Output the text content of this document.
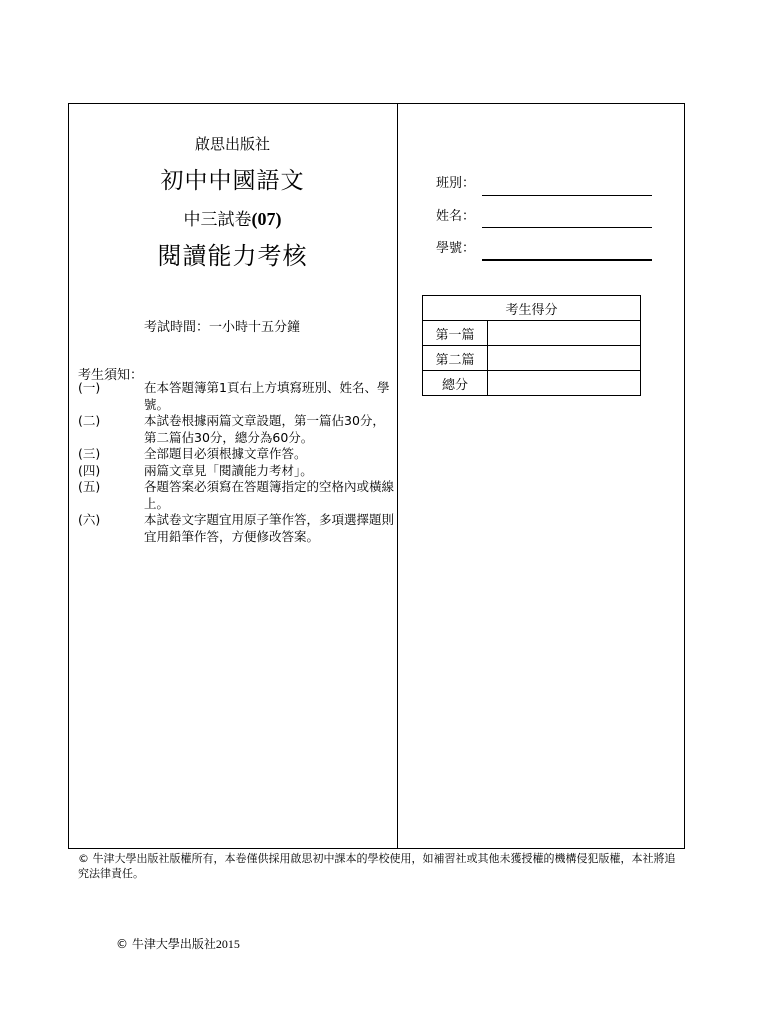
啟思出版社
初中中國語文
中三試卷(07)
閱讀能力考核
考試時間：一小時十五分鐘
考生須知：
(一)	在本答題簿第1頁右上方填寫班別、姓名、學號。
(二)	本試卷根據兩篇文章設題，第一篇佔30分，第二篇佔30分，總分為60分。
(三)	全部題目必須根據文章作答。
(四)	兩篇文章見「閱讀能力考材」。
(五)	各題答案必須寫在答題簿指定的空格內或橫線上。
(六)	本試卷文字題宜用原子筆作答，多項選擇題則宜用鉛筆作答，方便修改答案。
班別：
姓名：
學號：
考生得分	
第一篇	
第二篇	
總分	
© 牛津大學出版社版權所有，本卷僅供採用啟思初中課本的學校使用，如補習社或其他未獲授權的機構侵犯版權，本社將追究法律責任。
© 牛津大學出版社2015
